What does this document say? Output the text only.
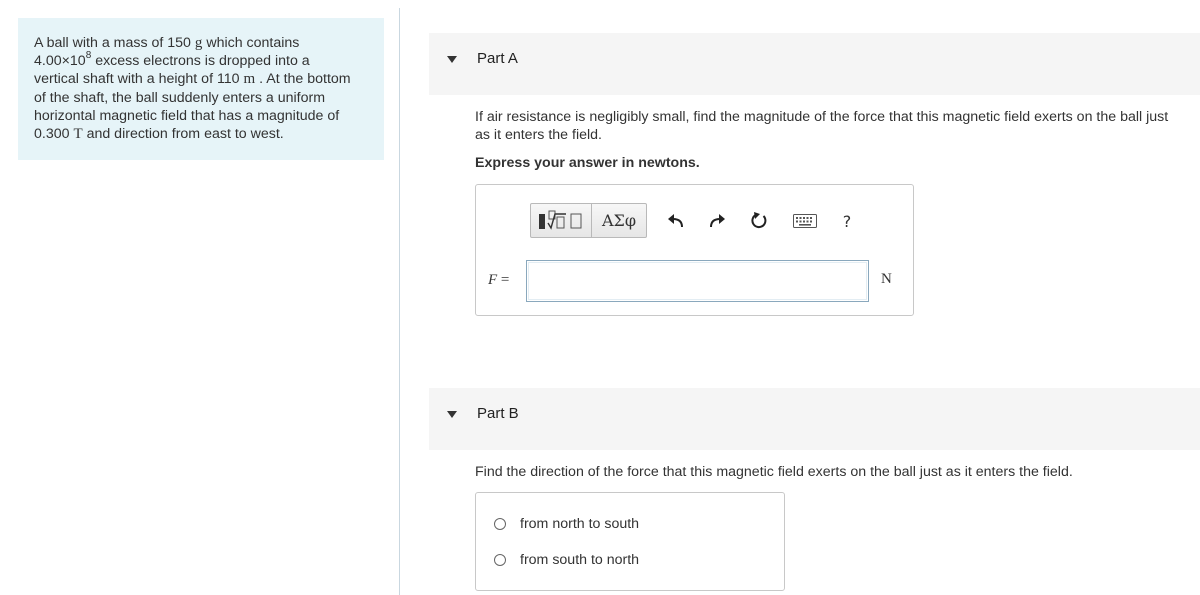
A ball with a mass of 150 g which contains
$4.00\times 10^8$ excess electrons is dropped into a
vertical shaft with a height of 110 m . At the bottom
of the shaft, the ball suddenly enters a uniform
horizontal magnetic field that has a magnitude of
0.300 T and direction from east to west.
Part A
If air resistance is negligibly small, find the magnitude of the force that this magnetic field exerts on the ball just
as it enters the field.
Express your answer in newtons.
ΑΣφ	?
F =	N
Part B
Find the direction of the force that this magnetic field exerts on the ball just as it enters the field.
from north to south
from south to north
